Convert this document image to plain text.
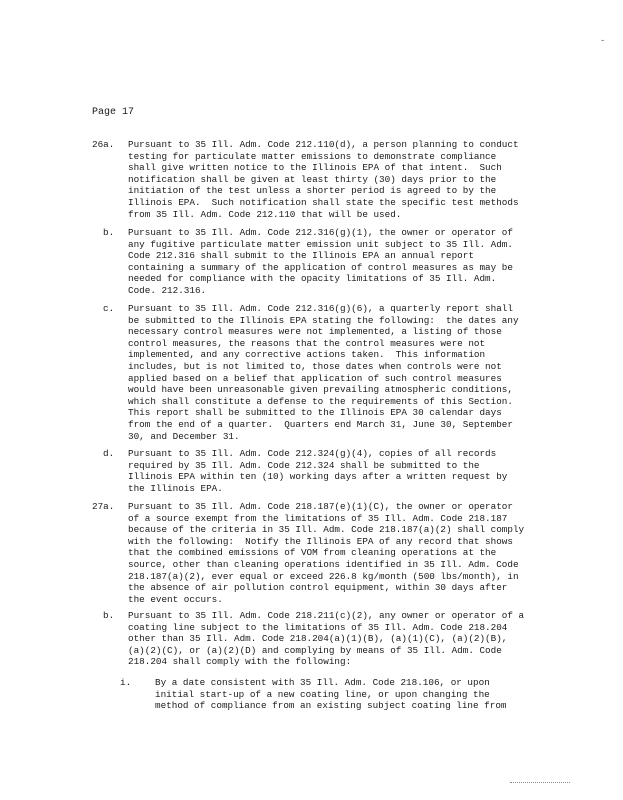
-
Page 17
26a. Pursuant to 35 Ill. Adm. Code 212.110(d), a person planning to conduct
testing for particulate matter emissions to demonstrate compliance
shall give written notice to the Illinois EPA of that intent.  Such
notification shall be given at least thirty (30) days prior to the
initiation of the test unless a shorter period is agreed to by the
Illinois EPA.  Such notification shall state the specific test methods
from 35 Ill. Adm. Code 212.110 that will be used.
b. Pursuant to 35 Ill. Adm. Code 212.316(g)(1), the owner or operator of
any fugitive particulate matter emission unit subject to 35 Ill. Adm.
Code 212.316 shall submit to the Illinois EPA an annual report
containing a summary of the application of control measures as may be
needed for compliance with the opacity limitations of 35 Ill. Adm.
Code. 212.316.
c. Pursuant to 35 Ill. Adm. Code 212.316(g)(6), a quarterly report shall
be submitted to the Illinois EPA stating the following:  the dates any
necessary control measures were not implemented, a listing of those
control measures, the reasons that the control measures were not
implemented, and any corrective actions taken.  This information
includes, but is not limited to, those dates when controls were not
applied based on a belief that application of such control measures
would have been unreasonable given prevailing atmospheric conditions,
which shall constitute a defense to the requirements of this Section.
This report shall be submitted to the Illinois EPA 30 calendar days
from the end of a quarter.  Quarters end March 31, June 30, September
30, and December 31.
d. Pursuant to 35 Ill. Adm. Code 212.324(g)(4), copies of all records
required by 35 Ill. Adm. Code 212.324 shall be submitted to the
Illinois EPA within ten (10) working days after a written request by
the Illinois EPA.
27a. Pursuant to 35 Ill. Adm. Code 218.187(e)(1)(C), the owner or operator
of a source exempt from the limitations of 35 Ill. Adm. Code 218.187
because of the criteria in 35 Ill. Adm. Code 218.187(a)(2) shall comply
with the following:  Notify the Illinois EPA of any record that shows
that the combined emissions of VOM from cleaning operations at the
source, other than cleaning operations identified in 35 Ill. Adm. Code
218.187(a)(2), ever equal or exceed 226.8 kg/month (500 lbs/month), in
the absence of air pollution control equipment, within 30 days after
the event occurs.
b. Pursuant to 35 Ill. Adm. Code 218.211(c)(2), any owner or operator of a
coating line subject to the limitations of 35 Ill. Adm. Code 218.204
other than 35 Ill. Adm. Code 218.204(a)(1)(B), (a)(1)(C), (a)(2)(B),
(a)(2)(C), or (a)(2)(D) and complying by means of 35 Ill. Adm. Code
218.204 shall comply with the following:
i.	By a date consistent with 35 Ill. Adm. Code 218.106, or upon
initial start-up of a new coating line, or upon changing the
method of compliance from an existing subject coating line from
